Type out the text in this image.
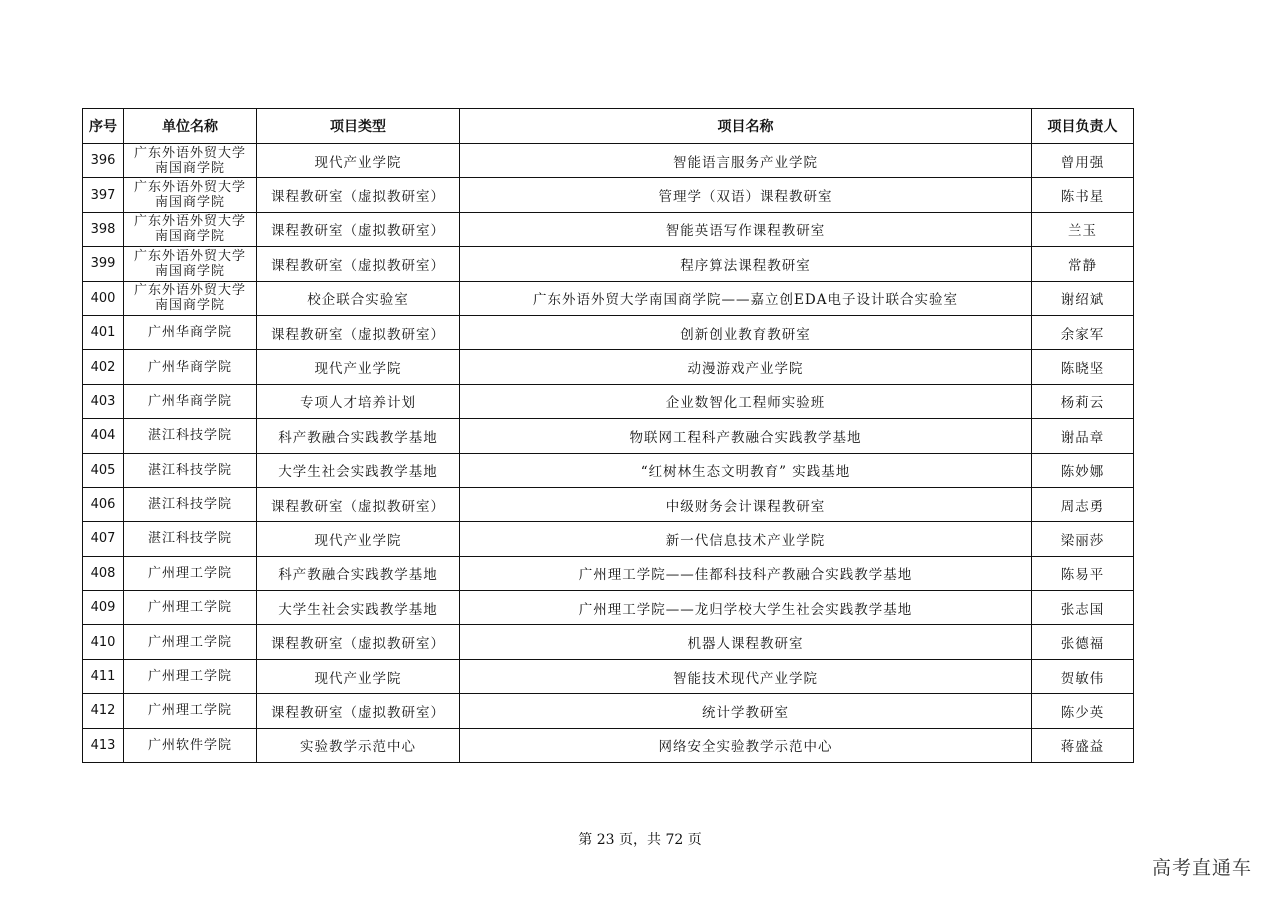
序号	单位名称	项目类型	项目名称	项目负责人
396	广东外语外贸大学南国商学院	现代产业学院	智能语言服务产业学院	曾用强
397	广东外语外贸大学南国商学院	课程教研室（虚拟教研室）	管理学（双语）课程教研室	陈书星
398	广东外语外贸大学南国商学院	课程教研室（虚拟教研室）	智能英语写作课程教研室	兰玉
399	广东外语外贸大学南国商学院	课程教研室（虚拟教研室）	程序算法课程教研室	常静
400	广东外语外贸大学南国商学院	校企联合实验室	广东外语外贸大学南国商学院——嘉立创EDA电子设计联合实验室	谢绍斌
401	广州华商学院	课程教研室（虚拟教研室）	创新创业教育教研室	余家军
402	广州华商学院	现代产业学院	动漫游戏产业学院	陈晓坚
403	广州华商学院	专项人才培养计划	企业数智化工程师实验班	杨莉云
404	湛江科技学院	科产教融合实践教学基地	物联网工程科产教融合实践教学基地	谢品章
405	湛江科技学院	大学生社会实践教学基地	“红树林生态文明教育” 实践基地	陈妙娜
406	湛江科技学院	课程教研室（虚拟教研室）	中级财务会计课程教研室	周志勇
407	湛江科技学院	现代产业学院	新一代信息技术产业学院	梁丽莎
408	广州理工学院	科产教融合实践教学基地	广州理工学院——佳都科技科产教融合实践教学基地	陈易平
409	广州理工学院	大学生社会实践教学基地	广州理工学院——龙归学校大学生社会实践教学基地	张志国
410	广州理工学院	课程教研室（虚拟教研室）	机器人课程教研室	张德福
411	广州理工学院	现代产业学院	智能技术现代产业学院	贺敏伟
412	广州理工学院	课程教研室（虚拟教研室）	统计学教研室	陈少英
413	广州软件学院	实验教学示范中心	网络安全实验教学示范中心	蒋盛益
第 23 页，共 72 页
高考直通车
